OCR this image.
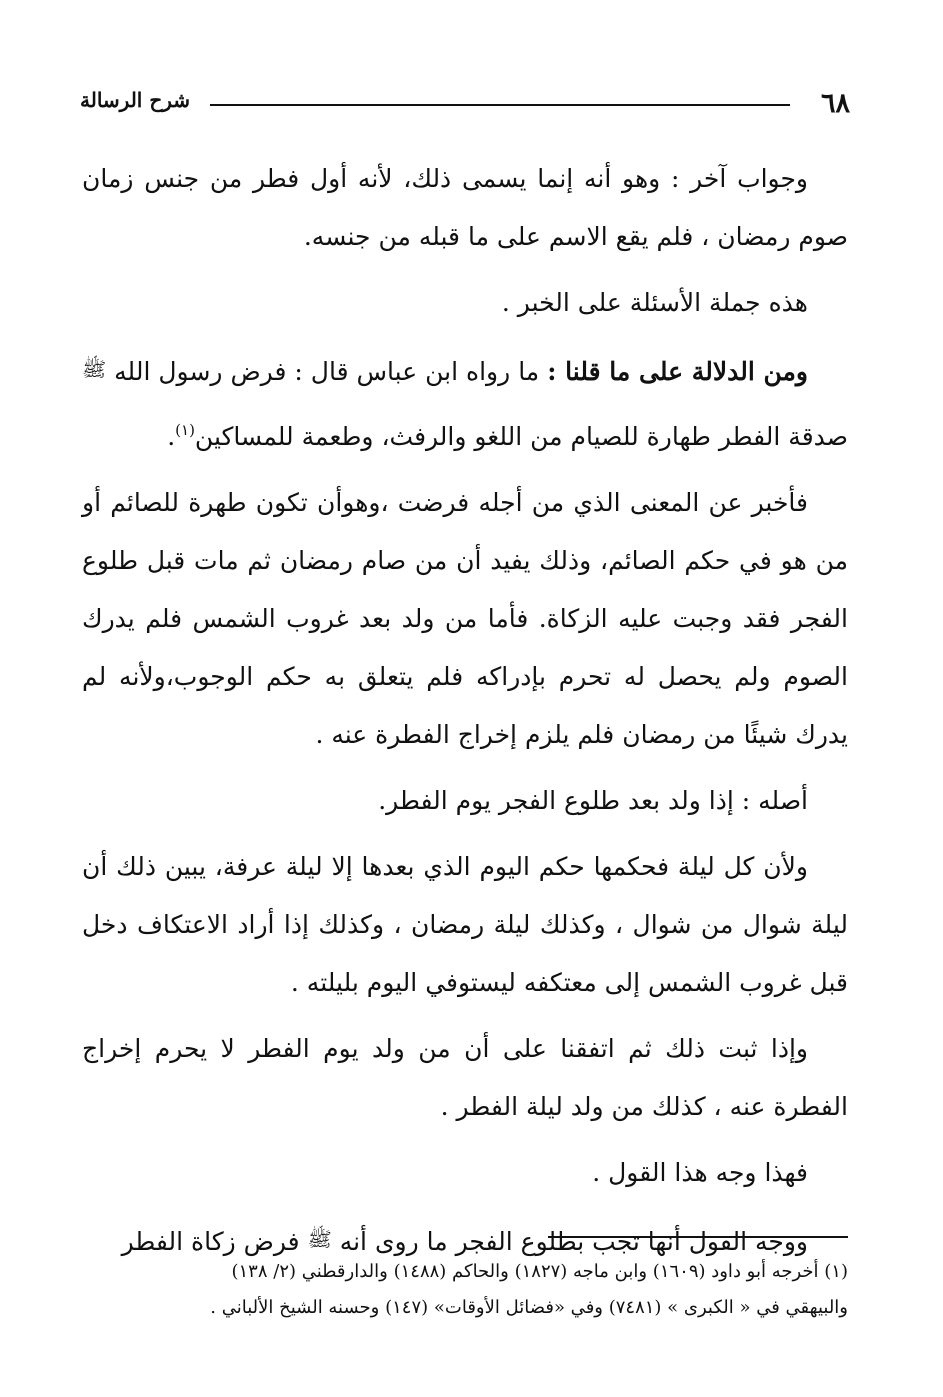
٦٨
شرح الرسالة

وجواب آخر : وهو أنه إنما يسمى ذلك، لأنه أول فطر من جنس زمان صوم رمضان ، فلم يقع الاسم على ما قبله من جنسه.

هذه جملة الأسئلة على الخبر .

ومن الدلالة على ما قلنا : ما رواه ابن عباس قال : فرض رسول الله ﷺ صدقة الفطر طهارة للصيام من اللغو والرفث، وطعمة للمساكين$^{(١)}$.

فأخبر عن المعنى الذي من أجله فرضت ،وهوأن تكون طهرة للصائم أو من هو في حكم الصائم، وذلك يفيد أن من صام رمضان ثم مات قبل طلوع الفجر فقد وجبت عليه الزكاة. فأما من ولد بعد غروب الشمس فلم يدرك الصوم ولم يحصل له تحرم بإدراكه فلم يتعلق به حكم الوجوب،ولأنه لم يدرك شيئًا من رمضان فلم يلزم إخراج الفطرة عنه .

أصله : إذا ولد بعد طلوع الفجر يوم الفطر.

ولأن كل ليلة فحكمها حكم اليوم الذي بعدها إلا ليلة عرفة، يبين ذلك أن ليلة شوال من شوال ، وكذلك ليلة رمضان ، وكذلك إذا أراد الاعتكاف دخل قبل غروب الشمس إلى معتكفه ليستوفي اليوم بليلته .

وإذا ثبت ذلك ثم اتفقنا على أن من ولد يوم الفطر لا يحرم إخراج الفطرة عنه ، كذلك من ولد ليلة الفطر .

فهذا وجه هذا القول .

ووجه القول أنها تجب بطلوع الفجر ما روى أنه ﷺ فرض زكاة الفطر

(١) أخرجه أبو داود (١٦٠٩) وابن ماجه (١٨٢٧) والحاكم (١٤٨٨) والدارقطني (٢/ ١٣٨)

والبيهقي في « الكبرى » (٧٤٨١) وفي «فضائل الأوقات» (١٤٧) وحسنه الشيخ الألباني .
